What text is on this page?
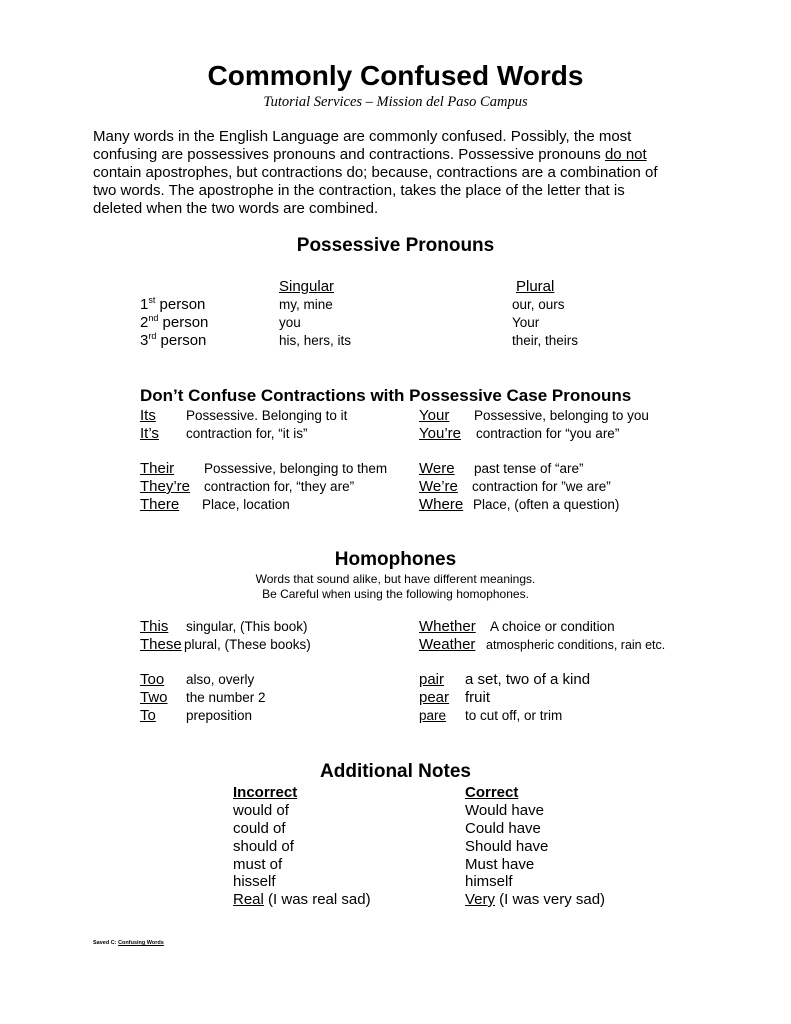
Commonly Confused Words
Tutorial Services – Mission del Paso Campus

Many words in the English Language are commonly confused. Possibly, the most

confusing are possessives pronouns and contractions. Possessive pronouns do not

contain apostrophes, but contractions do; because, contractions are a combination of

two words. The apostrophe in the contraction, takes the place of the letter that is

deleted when the two words are combined.

Possessive Pronouns
Singular	Plural
1st person	my, mine	our, ours
2nd person	you	Your
3rd person	his, hers, its	their, theirs
Don’t Confuse Contractions with Possessive Case Pronouns
Its Possessive. Belonging to it
It’s contraction for, “it is”
Their Possessive, belonging to them
They’re contraction for, “they are”
There Place, location
Your Possessive, belonging to you
You’re contraction for “you are”
Were past tense of “are”
We’re contraction for ”we are”
Where Place, (often a question)
Homophones
Words that sound alike, but have different meanings.
Be Careful when using the following homophones.
This singular, (This book)
These plural, (These books)
Too also, overly
Two the number 2
To preposition
Whether A choice or condition
Weather atmospheric conditions, rain etc.
pair a set, two of a kind
pear fruit
pare to cut off, or trim
Additional Notes
Incorrect	Correct
would of	Would have
could of	Could have
should of	Should have
must of	Must have
hisself	himself
Real (I was real sad)	Very (I was very sad)
Saved C: Confusing Words
